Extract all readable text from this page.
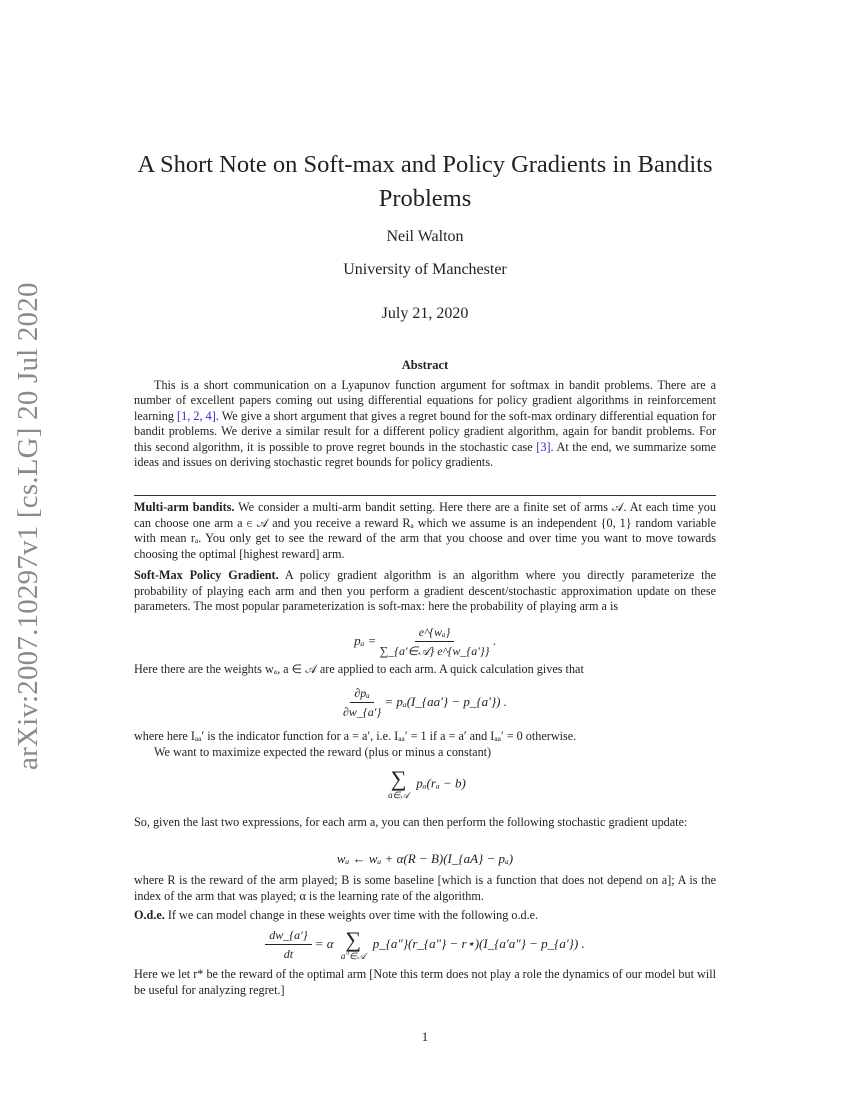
arXiv:2007.10297v1 [cs.LG] 20 Jul 2020
A Short Note on Soft-max and Policy Gradients in Bandits Problems
Neil Walton
University of Manchester
July 21, 2020
Abstract

This is a short communication on a Lyapunov function argument for softmax in bandit problems. There are a number of excellent papers coming out using differential equations for policy gradient algorithms in reinforcement learning [1, 2, 4]. We give a short argument that gives a regret bound for the soft-max ordinary differential equation for bandit problems. We derive a similar result for a different policy gradient algorithm, again for bandit problems. For this second algorithm, it is possible to prove regret bounds in the stochastic case [3]. At the end, we summarize some ideas and issues on deriving stochastic regret bounds for policy gradients.

Multi-arm bandits. We consider a multi-arm bandit setting. Here there are a finite set of arms 𝒜. At each time you can choose one arm a ∈ 𝒜 and you receive a reward Rₐ which we assume is an independent {0, 1} random variable with mean rₐ. You only get to see the reward of the arm that you choose and over time you want to move towards choosing the optimal [highest reward] arm.

Soft-Max Policy Gradient. A policy gradient algorithm is an algorithm where you directly parameterize the probability of playing each arm and then you perform a gradient descent/stochastic approximation update on these parameters. The most popular parameterization is soft-max: here the probability of playing arm a is

$p_a = \frac{\text{e\textasciicircum{}\{wₐ\}}}{\text{∑\_\{a′∈𝒜\} e\textasciicircum{}\{w\_\{a′\}\}}}$ .

Here there are the weights wₐ, a ∈ 𝒜 are applied to each arm. A quick calculation gives that

$\frac{\text{∂pₐ}}{\partial w\_\{a'\}}$ = pₐ(I_{aa′} − p_{a′}) .

where here Iₐₐ′ is the indicator function for a = a′, i.e. Iₐₐ′ = 1 if a = a′ and Iₐₐ′ = 0 otherwise.

We want to maximize expected the reward (plus or minus a constant)

∑
a∈𝒜
pₐ(rₐ − b)

So, given the last two expressions, for each arm a, you can then perform the following stochastic gradient update:

wₐ ← wₐ + α(R − B)(I_{aA} − pₐ)

where R is the reward of the arm played; B is some baseline [which is a function that does not depend on a]; A is the index of the arm that was played; α is the learning rate of the algorithm.

O.d.e. If we can model change in these weights over time with the following o.d.e.

$\frac{dw\_\{a'\}}{dt} = \alpha$ ∑
a″∈𝒜
p_{a″}(r_{a″} − r⋆)(I_{a′a″} − p_{a′}) .

Here we let r* be the reward of the optimal arm [Note this term does not play a role the dynamics of our model but will be useful for analyzing regret.]

1
